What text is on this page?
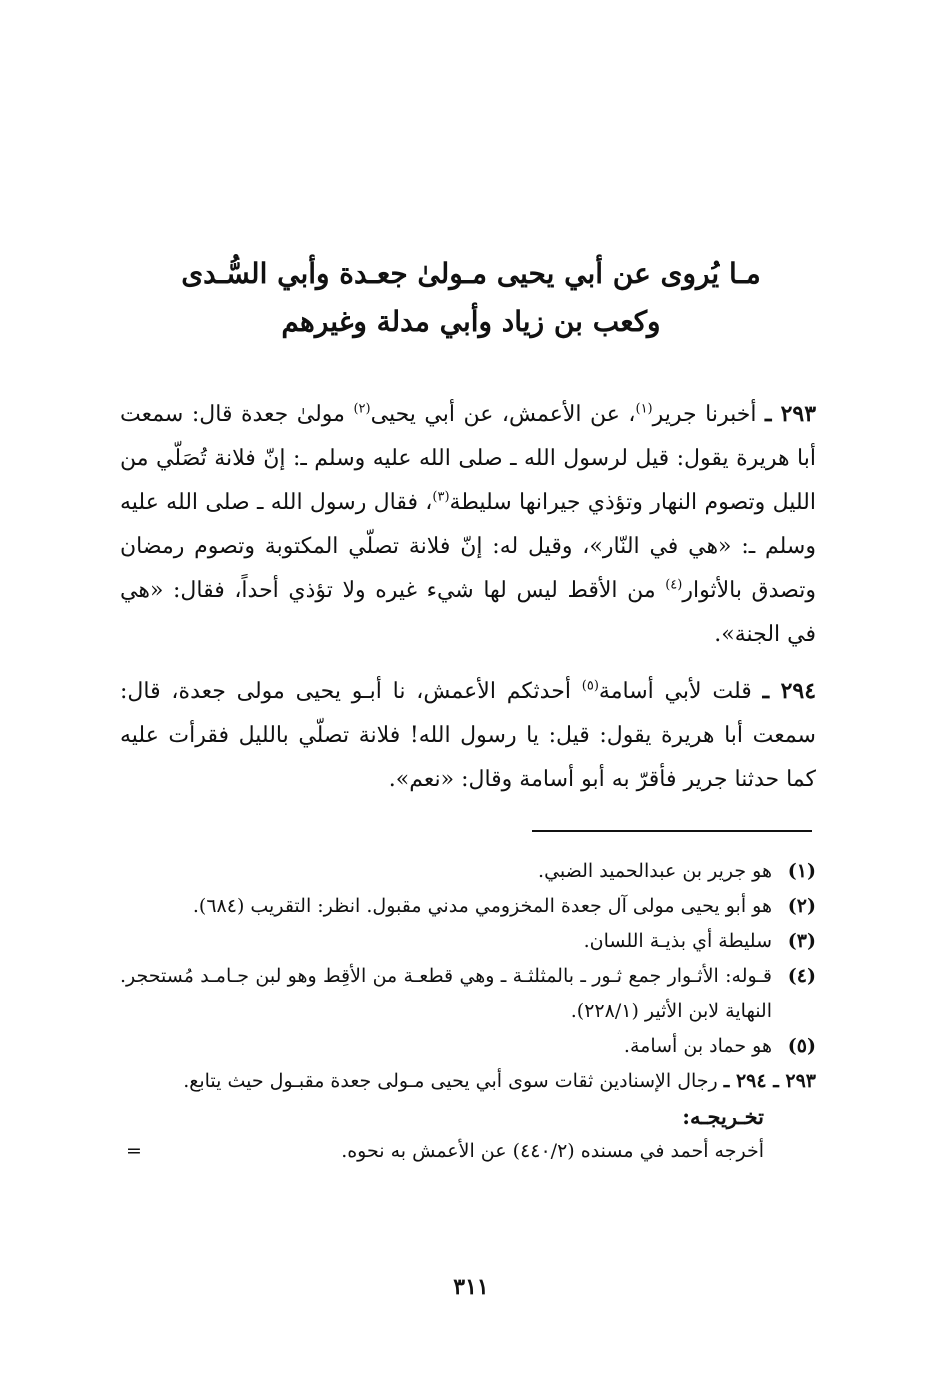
مـا يُروى عن أبي يحيى مـولىٰ جعـدة وأبي السُّـدى
وكعب بن زياد وأبي مدلة وغيرهم

٢٩٣ ـ أخبرنا جرير$^{(١)}$، عن الأعمش، عن أبي يحيى$^{(٢)}$ مولىٰ جعدة قال: سمعت أبا هريرة يقول: قيل لرسول الله ـ صلى الله عليه وسلم ـ: إنّ فلانة تُصَلّي من الليل وتصوم النهار وتؤذي جيرانها سليطة$^{(٣)}$، فقال رسول الله ـ صلى الله عليه وسلم ـ: «هي في النّار»، وقيل له: إنّ فلانة تصلّي المكتوبة وتصوم رمضان وتصدق بالأثوار$^{(٤)}$ من الأقط ليس لها شيء غيره ولا تؤذي أحداً، فقال: «هي في الجنة».

٢٩٤ ـ قلت لأبي أسامة$^{(٥)}$ أحدثكم الأعمش، نا أبـو يحيى مولى جعدة، قال: سمعت أبا هريرة يقول: قيل: يا رسول الله! فلانة تصلّي بالليل فقرأت عليه كما حدثنا جرير فأقرّ به أبو أسامة وقال: «نعم».

(١)
هو جرير بن عبدالحميد الضبي.
(٢)
هو أبو يحيى مولى آل جعدة المخزومي مدني مقبول. انظر: التقريب (٦٨٤).
(٣)
سليطة أي بذيـة اللسان.
(٤)
قـوله: الأثـوار جمع ثـور ـ بالمثلثـة ـ وهي قطعـة من الأقِط وهو لبن جـامـد مُستحجر. النهاية لابن الأثير (٢٢٨/١).
(٥)
هو حماد بن أسامة.
٢٩٣ ـ ٢٩٤ ـ رجال الإسنادين ثقات سوى أبي يحيى مـولى جعدة مقبـول حيث يتابع.
تخـريجـه:
أخرجه أحمد في مسنده (٤٤٠/٢) عن الأعمش به نحوه.
=
٣١١
